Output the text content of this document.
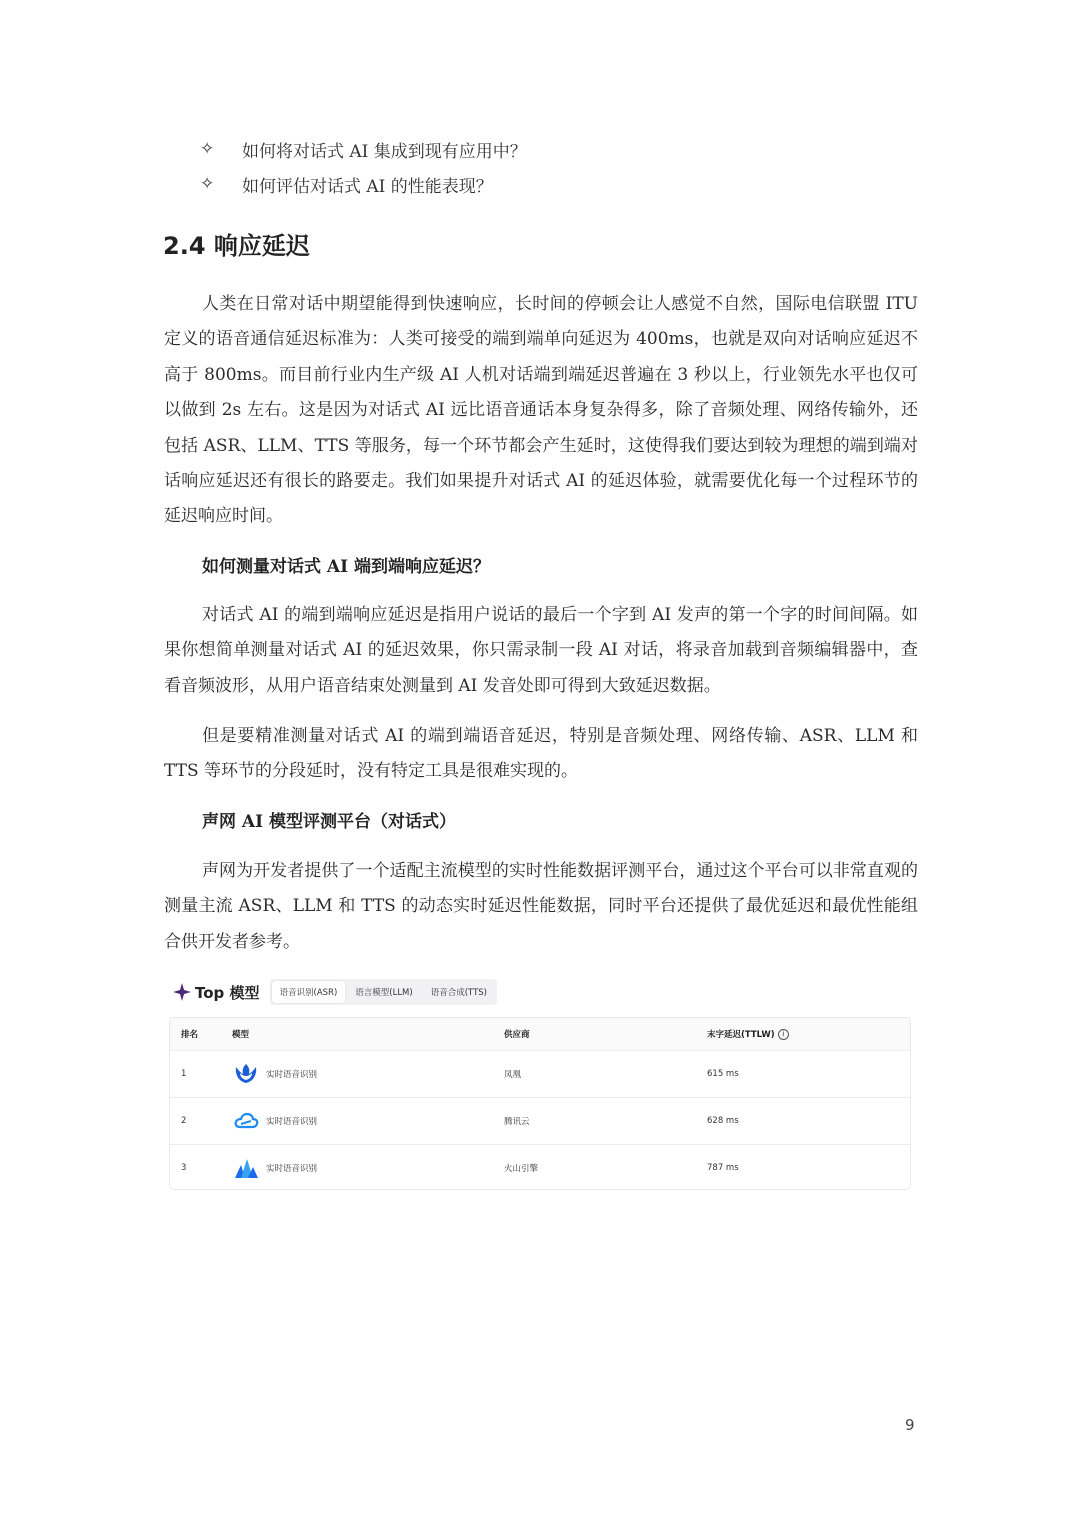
✧	如何将对话式 AI 集成到现有应用中？
✧	如何评估对话式 AI 的性能表现？
2.4 响应延迟

人类在日常对话中期望能得到快速响应，长时间的停顿会让人感觉不自然，国际电信联盟 ITU 定义的语音通信延迟标准为：人类可接受的端到端单向延迟为 400ms，也就是双向对话响应延迟不高于 800ms。而目前行业内生产级 AI 人机对话端到端延迟普遍在 3 秒以上，行业领先水平也仅可以做到 2s 左右。这是因为对话式 AI 远比语音通话本身复杂得多，除了音频处理、网络传输外，还包括 ASR、LLM、TTS 等服务，每一个环节都会产生延时，这使得我们要达到较为理想的端到端对话响应延迟还有很长的路要走。我们如果提升对话式 AI 的延迟体验，就需要优化每一个过程环节的延迟响应时间。

如何测量对话式 AI 端到端响应延迟？

对话式 AI 的端到端响应延迟是指用户说话的最后一个字到 AI 发声的第一个字的时间间隔。如果你想简单测量对话式 AI 的延迟效果，你只需录制一段 AI 对话，将录音加载到音频编辑器中，查看音频波形，从用户语音结束处测量到 AI 发音处即可得到大致延迟数据。

但是要精准测量对话式 AI 的端到端语音延迟，特别是音频处理、网络传输、ASR、LLM 和 TTS 等环节的分段延时，没有特定工具是很难实现的。

声网 AI 模型评测平台（对话式）

声网为开发者提供了一个适配主流模型的实时性能数据评测平台，通过这个平台可以非常直观的测量主流 ASR、LLM 和 TTS 的动态实时延迟性能数据，同时平台还提供了最优延迟和最优性能组合供开发者参考。

Top 模型	语音识别(ASR)	语言模型(LLM)	语音合成(TTS)
排名	模型	供应商	末字延迟(TTLW)	i
1	实时语音识别	凤凰	615 ms
2	实时语音识别	腾讯云	628 ms
3	实时语音识别	火山引擎	787 ms
9
